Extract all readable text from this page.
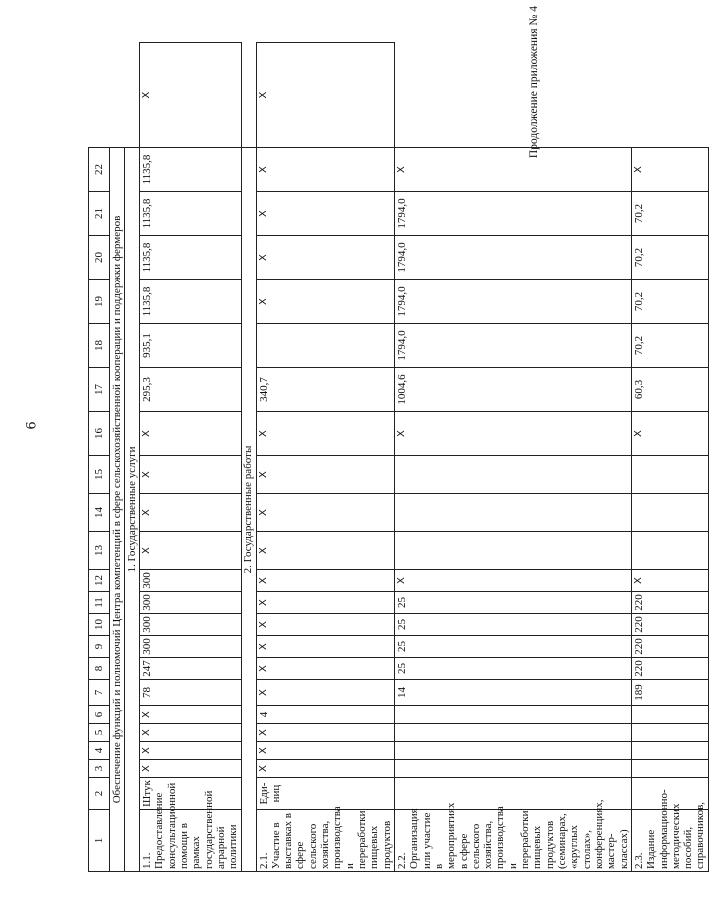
6
Продолжение приложения № 4
1	2	3	4	5	6	7	8	9	10	11	12	13	14	15	16	17	18	19	20	21	22	
Обеспечение функций и полномочий Центра компетенций в сфере сельскохозяйственной кооперации и поддержки фермеров																						
1. Государственные услуги																						
1.1. Предоставление консультационной помощи в рамках государственной аграрной политики	Штук	X	X	X	X	78	247	300	300	300	300	X	X	X	X	295,3	935,1	1135,8	1135,8	1135,8	1135,8	X
2. Государственные работы																						
2.1. Участие в выставках в сфере сельского хозяйства, производства и переработки пищевых продуктов	Еди-ниц	X	X	X	4	X	X	X	X	X	X	X	X	X	X	340,7		X	X	X	X	X
2.2. Организация или участие в мероприятиях в сфере сельского хозяйства, производства и переработки пищевых продуктов (семинарах, «круглых столах», конференциях, мастер-классах)						14	25	25	25	25	X				X	1004,6	1794,0	1794,0	1794,0	1794,0	X	
2.3. Издание информационно-методических пособий, справочников,						189	220	220	220	220	X				X	60,3	70,2	70,2	70,2	70,2	X	
